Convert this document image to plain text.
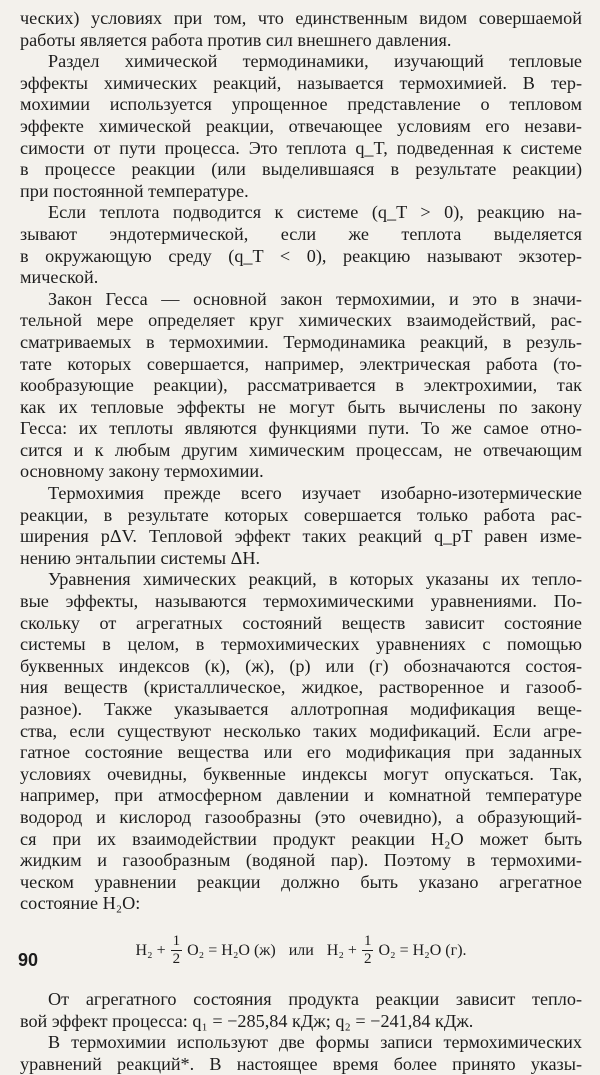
ческих) условиях при том, что единственным видом совершаемой
работы является работа против сил внешнего давления.
Раздел химической термодинамики, изучающий тепловые
эффекты химических реакций, называется термохимией. В тер-
мохимии используется упрощенное представление о тепловом
эффекте химической реакции, отвечающее условиям его незави-
симости от пути процесса. Это теплота q_T, подведенная к системе
в процессе реакции (или выделившаяся в результате реакции)
при постоянной температуре.
Если теплота подводится к системе (q_T > 0), реакцию на-
зывают эндотермической, если же теплота выделяется
в окружающую среду (q_T < 0), реакцию называют экзотер-
мической.
Закон Гесса — основной закон термохимии, и это в значи-
тельной мере определяет круг химических взаимодействий, рас-
сматриваемых в термохимии. Термодинамика реакций, в резуль-
тате которых совершается, например, электрическая работа (то-
кообразующие реакции), рассматривается в электрохимии, так
как их тепловые эффекты не могут быть вычислены по закону
Гесса: их теплоты являются функциями пути. То же самое отно-
сится и к любым другим химическим процессам, не отвечающим
основному закону термохимии.
Термохимия прежде всего изучает изобарно-изотермические
реакции, в результате которых совершается только работа рас-
ширения pΔV. Тепловой эффект таких реакций q_pT равен изме-
нению энтальпии системы ΔH.
Уравнения химических реакций, в которых указаны их тепло-
вые эффекты, называются термохимическими уравнениями. По-
скольку от агрегатных состояний веществ зависит состояние
системы в целом, в термохимических уравнениях с помощью
буквенных индексов (к), (ж), (р) или (г) обозначаются состоя-
ния веществ (кристаллическое, жидкое, растворенное и газооб-
разное). Также указывается аллотропная модификация веще-
ства, если существуют несколько таких модификаций. Если агре-
гатное состояние вещества или его модификация при заданных
условиях очевидны, буквенные индексы могут опускаться. Так,
например, при атмосферном давлении и комнатной температуре
водород и кислород газообразны (это очевидно), а образующий-
ся при их взаимодействии продукт реакции H₂O может быть
жидким и газообразным (водяной пар). Поэтому в термохими-
ческом уравнении реакции должно быть указано агрегатное
состояние H₂O:
$H_2 + \frac{1}{2} O_2 = H_2O$ (ж) или $H_2 + \frac{1}{2} O_2 = H_2O$ (г).
От агрегатного состояния продукта реакции зависит тепло-
вой эффект процесса: q₁ = −285,84 кДж; q₂ = −241,84 кДж.
В термохимии используют две формы записи термохимических
уравнений реакций*. В настоящее время более принято указы-
90
